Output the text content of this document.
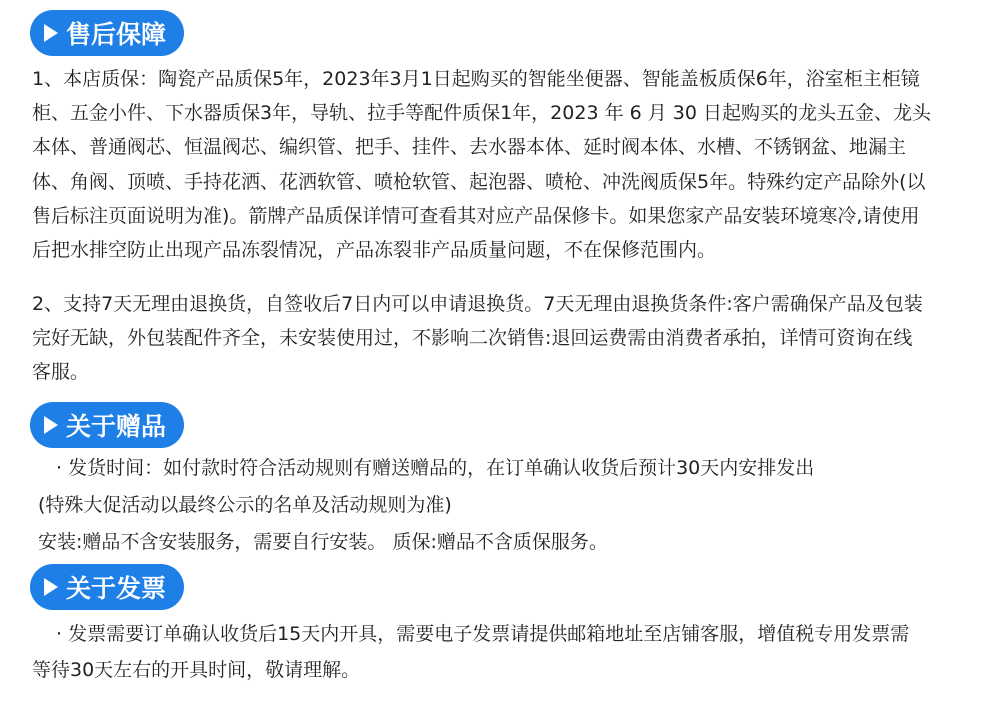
售后保障
1、本店质保：陶瓷产品质保5年，2023年3月1日起购买的智能坐便器、智能盖板质保6年，浴室柜主柜镜
柜、五金小件、下水器质保3年，导轨、拉手等配件质保1年，2023 年 6 月 30 日起购买的龙头五金、龙头
本体、普通阀芯、恒温阀芯、编织管、把手、挂件、去水器本体、延时阀本体、水槽、不锈钢盆、地漏主
体、角阀、顶喷、手持花洒、花洒软管、喷枪软管、起泡器、喷枪、冲洗阀质保5年。特殊约定产品除外(以
售后标注页面说明为准)。箭牌产品质保详情可查看其对应产品保修卡。如果您家产品安装环境寒冷,请使用
后把水排空防止出现产品冻裂情况，产品冻裂非产品质量问题，不在保修范围内。
2、支持7天无理由退换货，自签收后7日内可以申请退换货。7天无理由退换货条件:客户需确保产品及包装
完好无缺，外包装配件齐全，未安装使用过，不影响二次销售:退回运费需由消费者承拍，详情可资询在线
客服。
关于赠品
· 发货时间：如付款时符合活动规则有赠送赠品的，在订单确认收货后预计30天内安排发出
(特殊大促活动以最终公示的名单及活动规则为准)
安装:赠品不含安装服务，需要自行安装。 质保:赠品不含质保服务。
关于发票
· 发票需要订单确认收货后15天内开具，需要电子发票请提供邮箱地址至店铺客服，增值税专用发票需
等待30天左右的开具时间，敬请理解。
